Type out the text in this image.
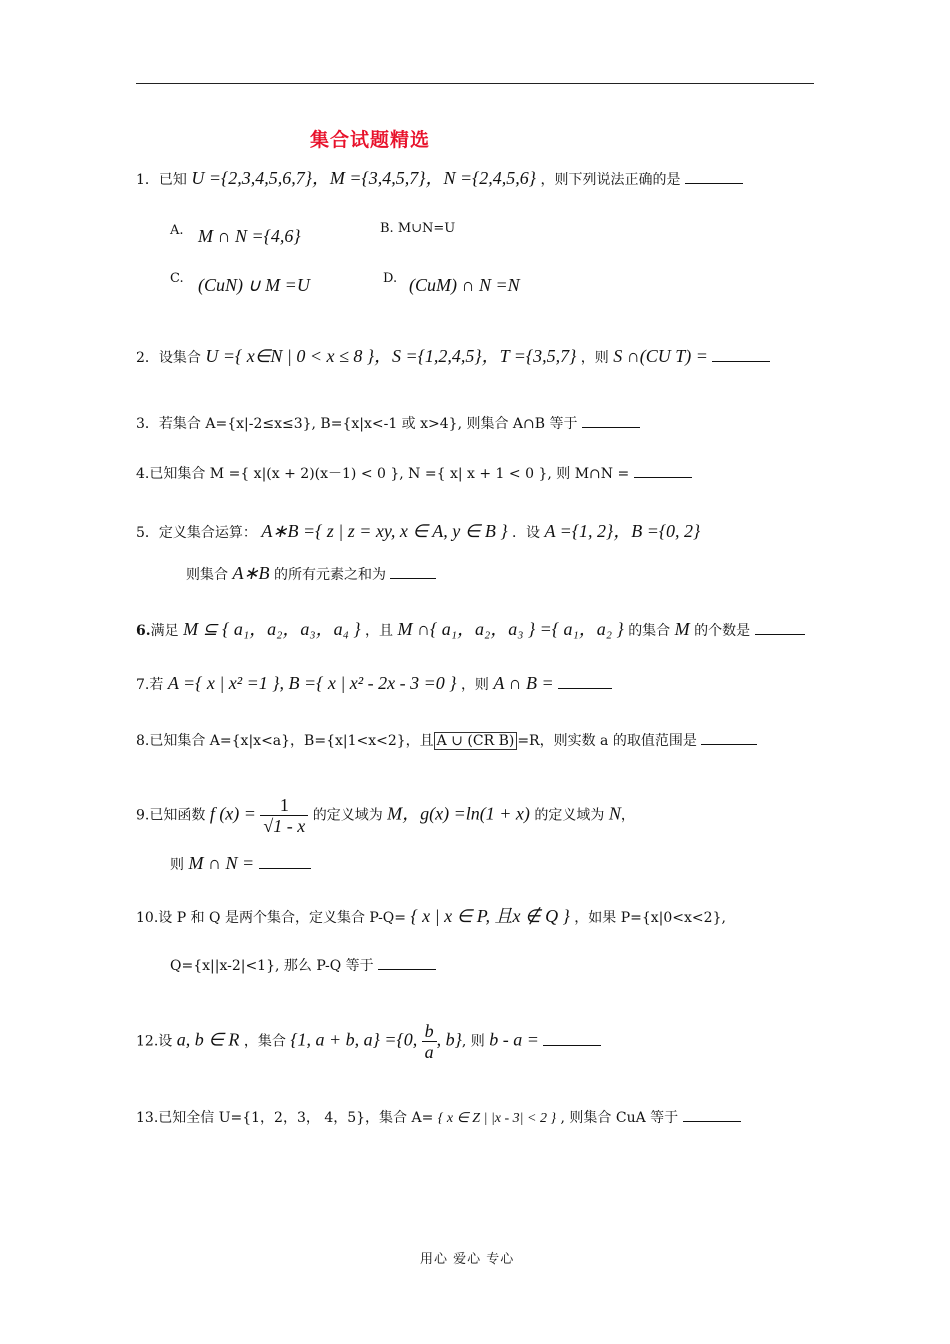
集合试题精选
1．已知 U ={2,3,4,5,6,7}，M ={3,4,5,7}，N ={2,4,5,6} ，则下列说法正确的是
A. M ∩ N ={4,6}	B. M∪N=U
C. (CuN) ∪ M =U	D. (CuM) ∩ N =N
2．设集合 U ={ x∈N | 0 < x ≤ 8 }，S ={1,2,4,5}，T ={3,5,7} ，则 S ∩(CU T) =
3．若集合 A={x|-2≤x≤3}, B={x|x<-1 或 x>4}, 则集合 A∩B 等于
4.已知集合 M ={ x|(x + 2)(x－1) < 0 }, N ={ x| x + 1 < 0 }, 则 M∩N =
5．定义集合运算： A∗B ={ z | z = xy, x ∈ A, y ∈ B } ．设 A ={1, 2}，B ={0, 2}
则集合 A∗B 的所有元素之和为
6.满足 M ⊆ { a₁，a₂，a₃，a₄ } ，且 M ∩{ a₁，a₂，a₃ } ={ a₁，a₂ } 的集合 M 的个数是
7.若 A ={ x | x² =1 }, B ={ x | x² - 2x - 3 =0 } ，则 A ∩ B =
8.已知集合 A={x|x<a}，B={x|1<x<2}，且 A ∪ (CR B) =R，则实数 a 的取值范围是
9.已知函数 f $(x) = \frac{1}{√1 - x}$ 的定义域为 M，g(x) =ln(1 + x) 的定义域为 N，
则 M ∩ N =
10.设 P 和 Q 是两个集合，定义集合 P-Q= { x | x ∈ P, 且x ∉ Q } ，如果 P={x|0<x<2},
Q={x||x-2|<1}, 那么 P-Q 等于
12.设 a, b ∈ R ，集合 {1, a + b, a} ={0, $\frac{b}{a}$ , b}, 则 b - a =
13.已知全信 U={1，2，3， 4，5}，集合 A= { x ∈ Z | |x - 3| < 2 } , 则集合 CuA 等于
用心 爱心 专心
